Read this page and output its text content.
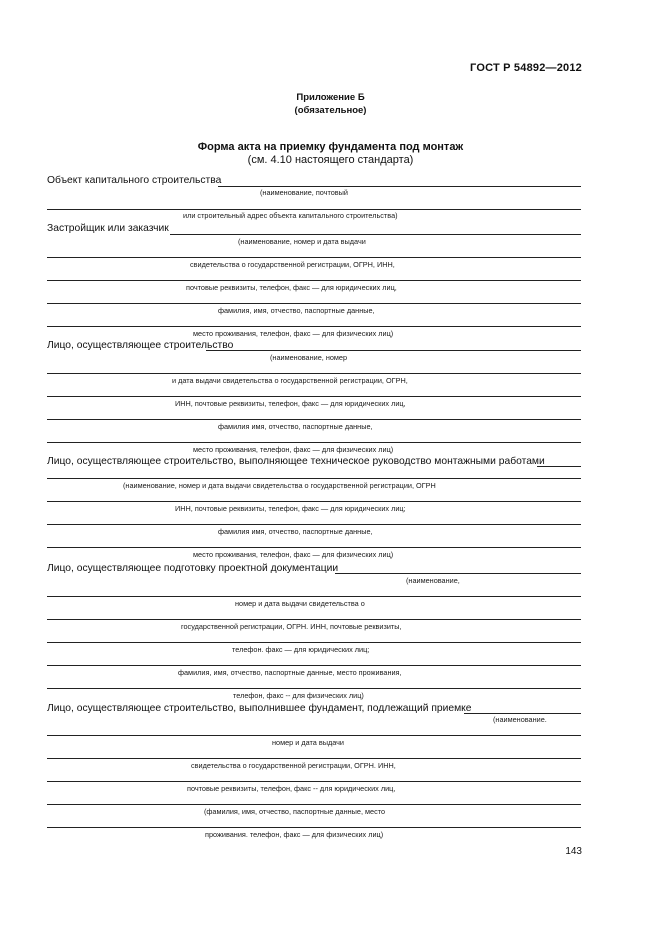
ГОСТ Р 54892—2012
Приложение Б
(обязательное)
Форма акта на приемку фундамента под монтаж
(см. 4.10 настоящего стандарта)
Объект капитального строительства
(наименование, почтовый
или строительный адрес объекта капитального строительства)
Застройщик или заказчик
(наименование, номер и дата выдачи
свидетельства о государственной регистрации, ОГРН, ИНН,
почтовые реквизиты, телефон, факс — для юридических лиц,
фамилия, имя, отчество, паспортные данные,
место проживания, телефон, факс — для физических лиц)
Лицо, осуществляющее строительство
(наименование, номер
и дата выдачи свидетельства о государственной регистрации, ОГРН,
ИНН, почтовые реквизиты, телефон, факс — для юридических лиц,
фамилия имя, отчество, паспортные данные,
место проживания, телефон, факс — для физических лиц)
Лицо, осуществляющее строительство, выполняющее техническое руководство монтажными работами
(наименование, номер и дата выдачи свидетельства о государственной регистрации, ОГРН
ИНН, почтовые реквизиты, телефон, факс — для юридических лиц;
фамилия имя, отчество, паспортные данные,
место проживания, телефон, факс — для физических лиц)
Лицо, осуществляющее подготовку проектной документации
(наименование,
номер и дата выдачи свидетельства о
государственной регистрации, ОГРН. ИНН, почтовые реквизиты,
телефон. факс — для юридических лиц;
фамилия, имя, отчество, паспортные данные, место проживания,
телефон, факс -- для физических лиц)
Лицо, осуществляющее строительство, выполнившее фундамент, подлежащий приемке
(наименование.
номер и дата выдачи
свидетельства о государственной регистрации, ОГРН. ИНН,
почтовые реквизиты, телефон, факс -- для юридических лиц,
(фамилия, имя, отчество, паспортные данные, место
проживания. телефон, факс — для физических лиц)
143
